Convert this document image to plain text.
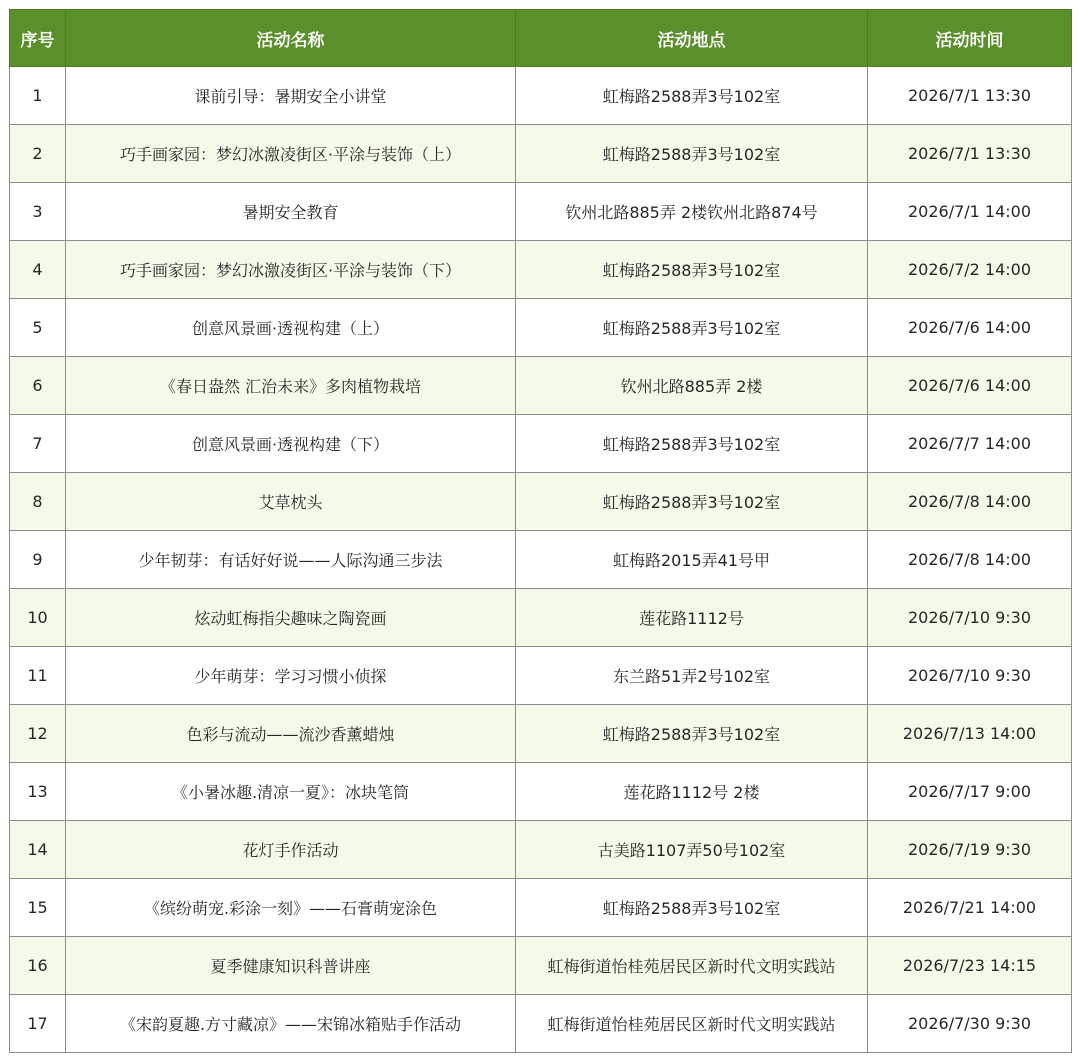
序号	活动名称	活动地点	活动时间
1	课前引导：暑期安全小讲堂	虹梅路2588弄3号102室	2026/7/1 13:30
2	巧手画家园：梦幻冰激凌街区·平涂与装饰（上）	虹梅路2588弄3号102室	2026/7/1 13:30
3	暑期安全教育	钦州北路885弄 2楼钦州北路874号	2026/7/1 14:00
4	巧手画家园：梦幻冰激凌街区·平涂与装饰（下）	虹梅路2588弄3号102室	2026/7/2 14:00
5	创意风景画·透视构建（上）	虹梅路2588弄3号102室	2026/7/6 14:00
6	《春日盎然 汇治未来》多肉植物栽培	钦州北路885弄 2楼	2026/7/6 14:00
7	创意风景画·透视构建（下）	虹梅路2588弄3号102室	2026/7/7 14:00
8	艾草枕头	虹梅路2588弄3号102室	2026/7/8 14:00
9	少年韧芽：有话好好说——人际沟通三步法	虹梅路2015弄41号甲	2026/7/8 14:00
10	炫动虹梅指尖趣味之陶瓷画	莲花路1112号	2026/7/10 9:30
11	少年萌芽：学习习惯小侦探	东兰路51弄2号102室	2026/7/10 9:30
12	色彩与流动——流沙香薰蜡烛	虹梅路2588弄3号102室	2026/7/13 14:00
13	《小暑冰趣.清凉一夏》：冰块笔筒	莲花路1112号 2楼	2026/7/17 9:00
14	花灯手作活动	古美路1107弄50号102室	2026/7/19 9:30
15	《缤纷萌宠.彩涂一刻》——石膏萌宠涂色	虹梅路2588弄3号102室	2026/7/21 14:00
16	夏季健康知识科普讲座	虹梅街道怡桂苑居民区新时代文明实践站	2026/7/23 14:15
17	《宋韵夏趣.方寸藏凉》——宋锦冰箱贴手作活动	虹梅街道怡桂苑居民区新时代文明实践站	2026/7/30 9:30
